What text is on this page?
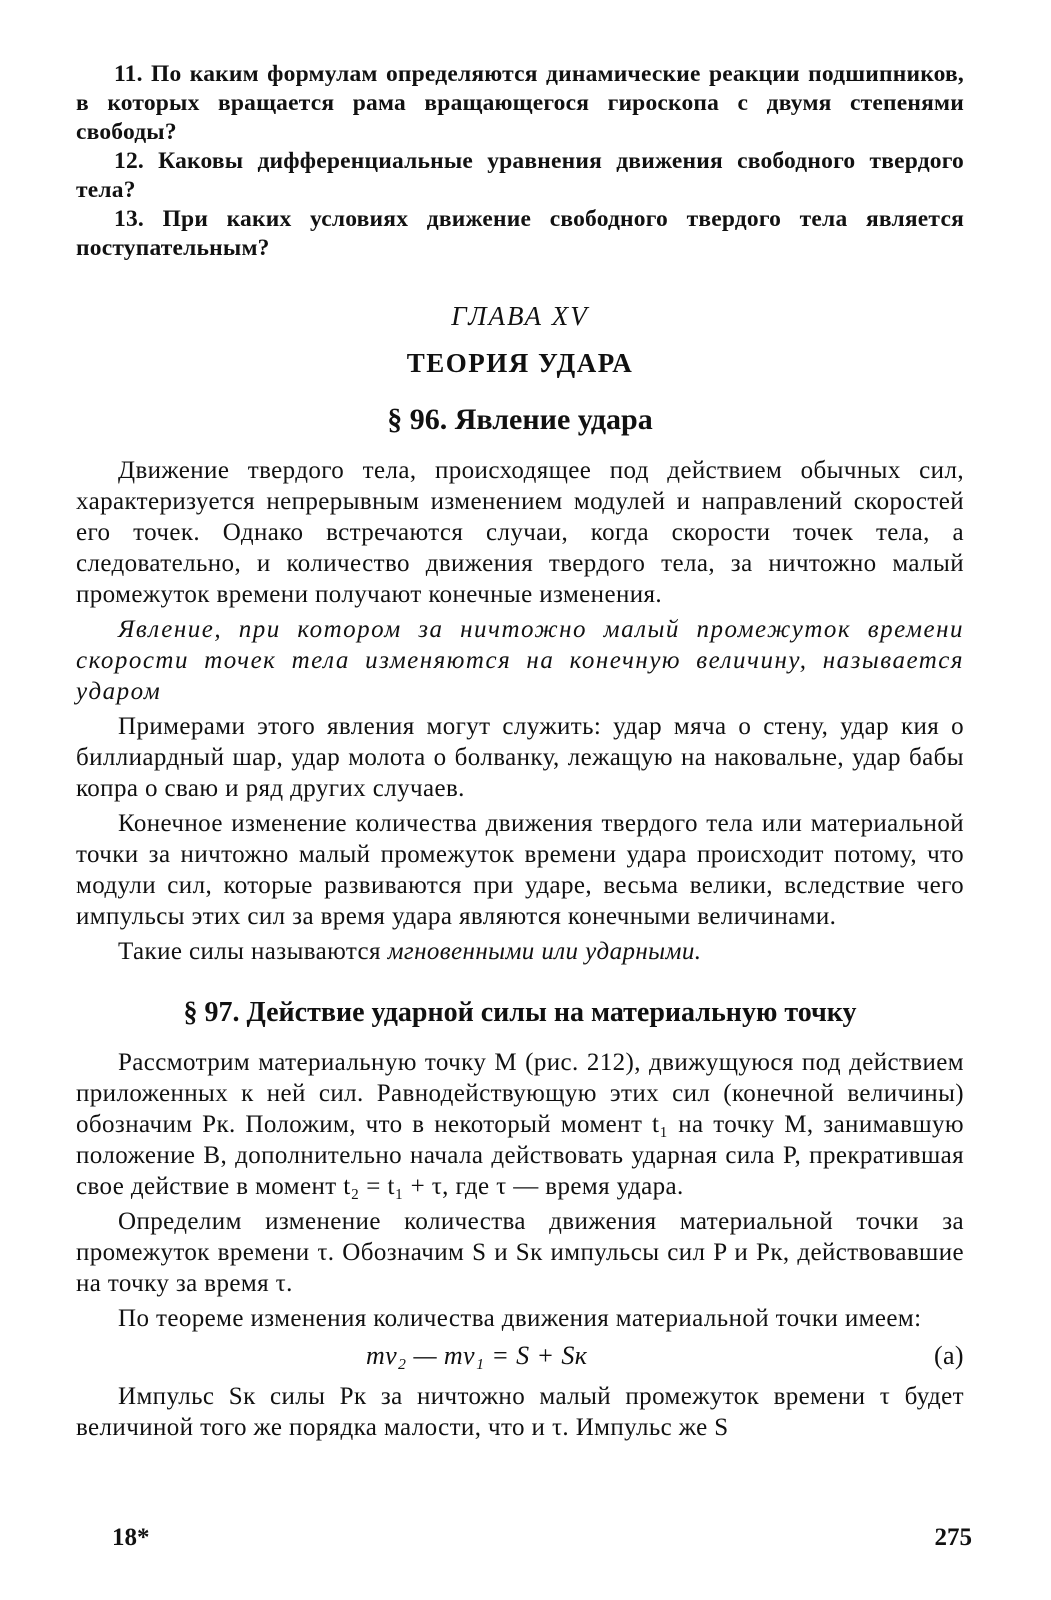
11. По каким формулам определяются динамические реакции подшипников, в которых вращается рама вращающегося гироскопа с двумя степенями свободы?

12. Каковы дифференциальные уравнения движения свободного твердого тела?

13. При каких условиях движение свободного твердого тела является поступательным?

ГЛАВА XV
ТЕОРИЯ УДАРА
§ 96. Явление удара

Движение твердого тела, происходящее под действием обычных сил, характеризуется непрерывным изменением модулей и направлений скоростей его точек. Однако встречаются случаи, когда скорости точек тела, а следовательно, и количество движения твердого тела, за ничтожно малый промежуток времени получают конечные изменения.

Явление, при котором за ничтожно малый промежуток времени скорости точек тела изменяются на конечную величину, называется ударом

Примерами этого явления могут служить: удар мяча о стену, удар кия о биллиардный шар, удар молота о болванку, лежащую на наковальне, удар бабы копра о сваю и ряд других случаев.

Конечное изменение количества движения твердого тела или материальной точки за ничтожно малый промежуток времени удара происходит потому, что модули сил, которые развиваются при ударе, весьма велики, вследствие чего импульсы этих сил за время удара являются конечными величинами.

Такие силы называются мгновенными или ударными.

§ 97. Действие ударной силы на материальную точку

Рассмотрим материальную точку M (рис. 212), движущуюся под действием приложенных к ней сил. Равнодействующую этих сил (конечной величины) обозначим Pк. Положим, что в некоторый момент t₁ на точку M, занимавшую положение B, дополнительно начала действовать ударная сила P, прекратившая свое действие в момент t₂ = t₁ + τ, где τ — время удара.

Определим изменение количества движения материальной точки за промежуток времени τ. Обозначим S и Sк импульсы сил P и Pк, действовавшие на точку за время τ.

По теореме изменения количества движения материальной точки имеем:

mv₂ — mv₁ = S + Sк	(a)

Импульс Sк силы Pк за ничтожно малый промежуток времени τ будет величиной того же порядка малости, что и τ. Импульс же S

18*	275
